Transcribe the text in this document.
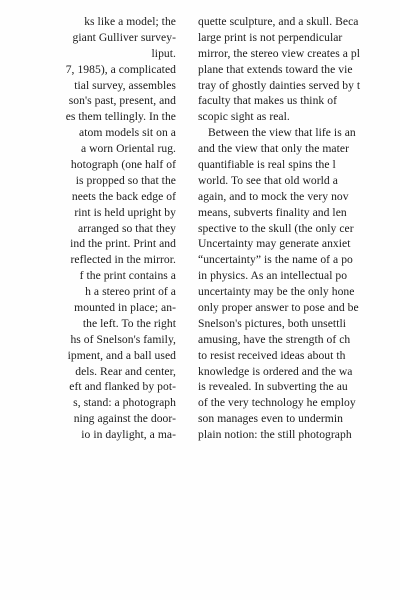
ks like a model; the
giant Gulliver survey-
liput.
7, 1985), a complicated
tial survey, assembles
son's past, present, and
es them tellingly. In the
atom models sit on a
a worn Oriental rug.
hotograph (one half of
is propped so that the
neets the back edge of
rint is held upright by
arranged so that they
ind the print. Print and
reflected in the mirror.
f the print contains a
h a stereo print of a
mounted in place; an-
the left. To the right
hs of Snelson's family,
ipment, and a ball used
dels. Rear and center,
eft and flanked by pot-
s, stand: a photograph
ning against the door-
io in daylight, a ma-
quette sculpture, and a skull. Beca
large print is not perpendicular
mirror, the stereo view creates a pl
plane that extends toward the vie
tray of ghostly dainties served by t
faculty that makes us think of
scopic sight as real.
Between the view that life is an
and the view that only the mater
quantifiable is real spins the l
world. To see that old world a
again, and to mock the very nov
means, subverts finality and len
spective to the skull (the only cer
Uncertainty may generate anxiet
“uncertainty” is the name of a po
in physics. As an intellectual po
uncertainty may be the only hone
only proper answer to pose and be
Snelson's pictures, both unsettli
amusing, have the strength of ch
to resist received ideas about th
knowledge is ordered and the wa
is revealed. In subverting the au
of the very technology he employ
son manages even to undermin
plain notion: the still photograph
